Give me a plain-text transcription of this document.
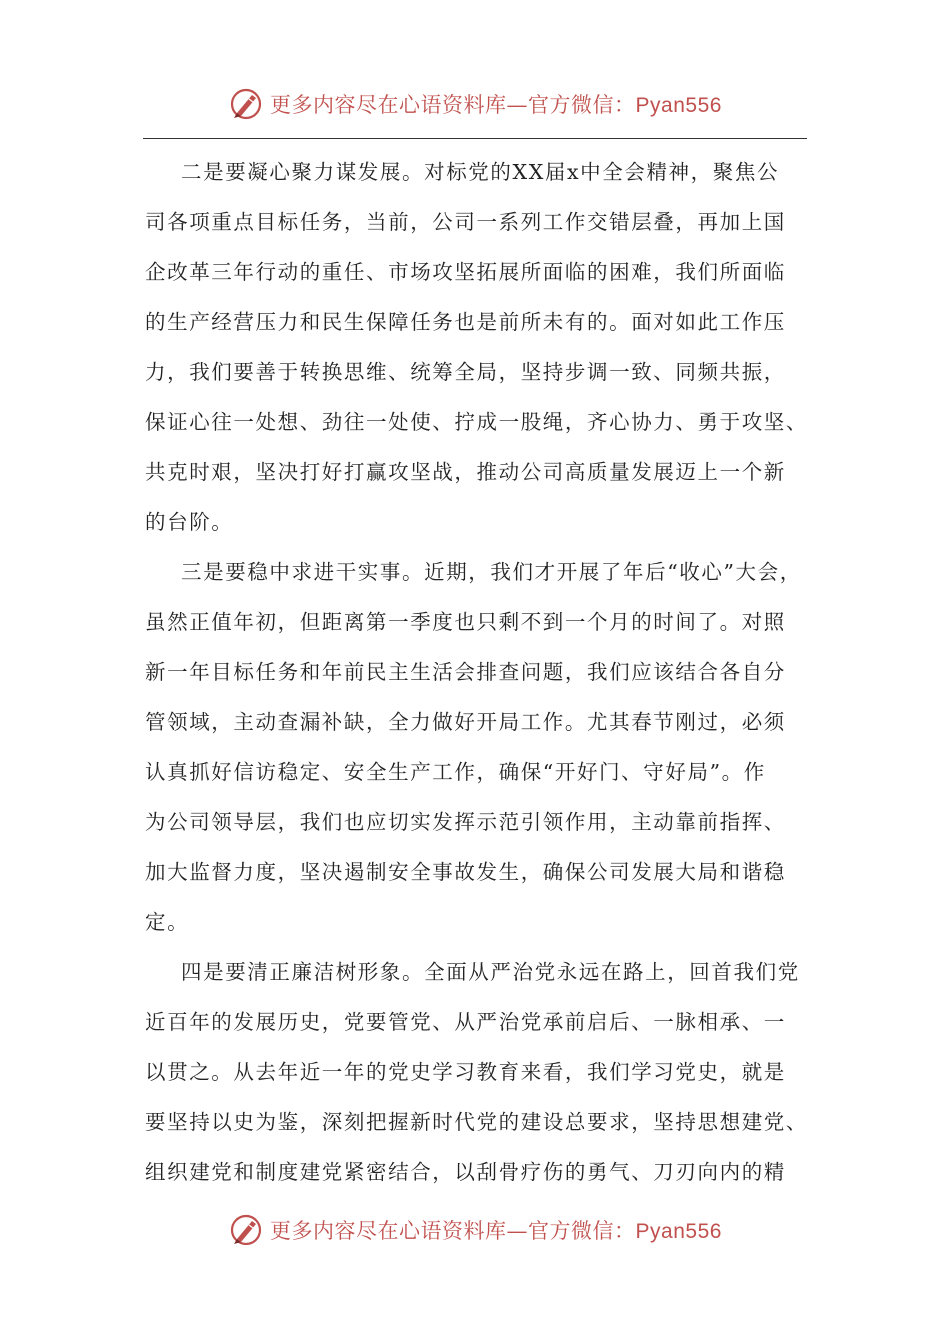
更多内容尽在心语资料库—官方微信：Pyan556
二是要凝心聚力谋发展。对标党的XX届x中全会精神，聚焦公
司各项重点目标任务，当前，公司一系列工作交错层叠，再加上国
企改革三年行动的重任、市场攻坚拓展所面临的困难，我们所面临
的生产经营压力和民生保障任务也是前所未有的。面对如此工作压
力，我们要善于转换思维、统筹全局，坚持步调一致、同频共振，
保证心往一处想、劲往一处使、拧成一股绳，齐心协力、勇于攻坚、
共克时艰，坚决打好打赢攻坚战，推动公司高质量发展迈上一个新
的台阶。
三是要稳中求进干实事。近期，我们才开展了年后“收心”大会，
虽然正值年初，但距离第一季度也只剩不到一个月的时间了。对照
新一年目标任务和年前民主生活会排查问题，我们应该结合各自分
管领域，主动查漏补缺，全力做好开局工作。尤其春节刚过，必须
认真抓好信访稳定、安全生产工作，确保“开好门、守好局”。作
为公司领导层，我们也应切实发挥示范引领作用，主动靠前指挥、
加大监督力度，坚决遏制安全事故发生，确保公司发展大局和谐稳
定。
四是要清正廉洁树形象。全面从严治党永远在路上，回首我们党
近百年的发展历史，党要管党、从严治党承前启后、一脉相承、一
以贯之。从去年近一年的党史学习教育来看，我们学习党史，就是
要坚持以史为鉴，深刻把握新时代党的建设总要求，坚持思想建党、
组织建党和制度建党紧密结合，以刮骨疗伤的勇气、刀刃向内的精
更多内容尽在心语资料库—官方微信：Pyan556
